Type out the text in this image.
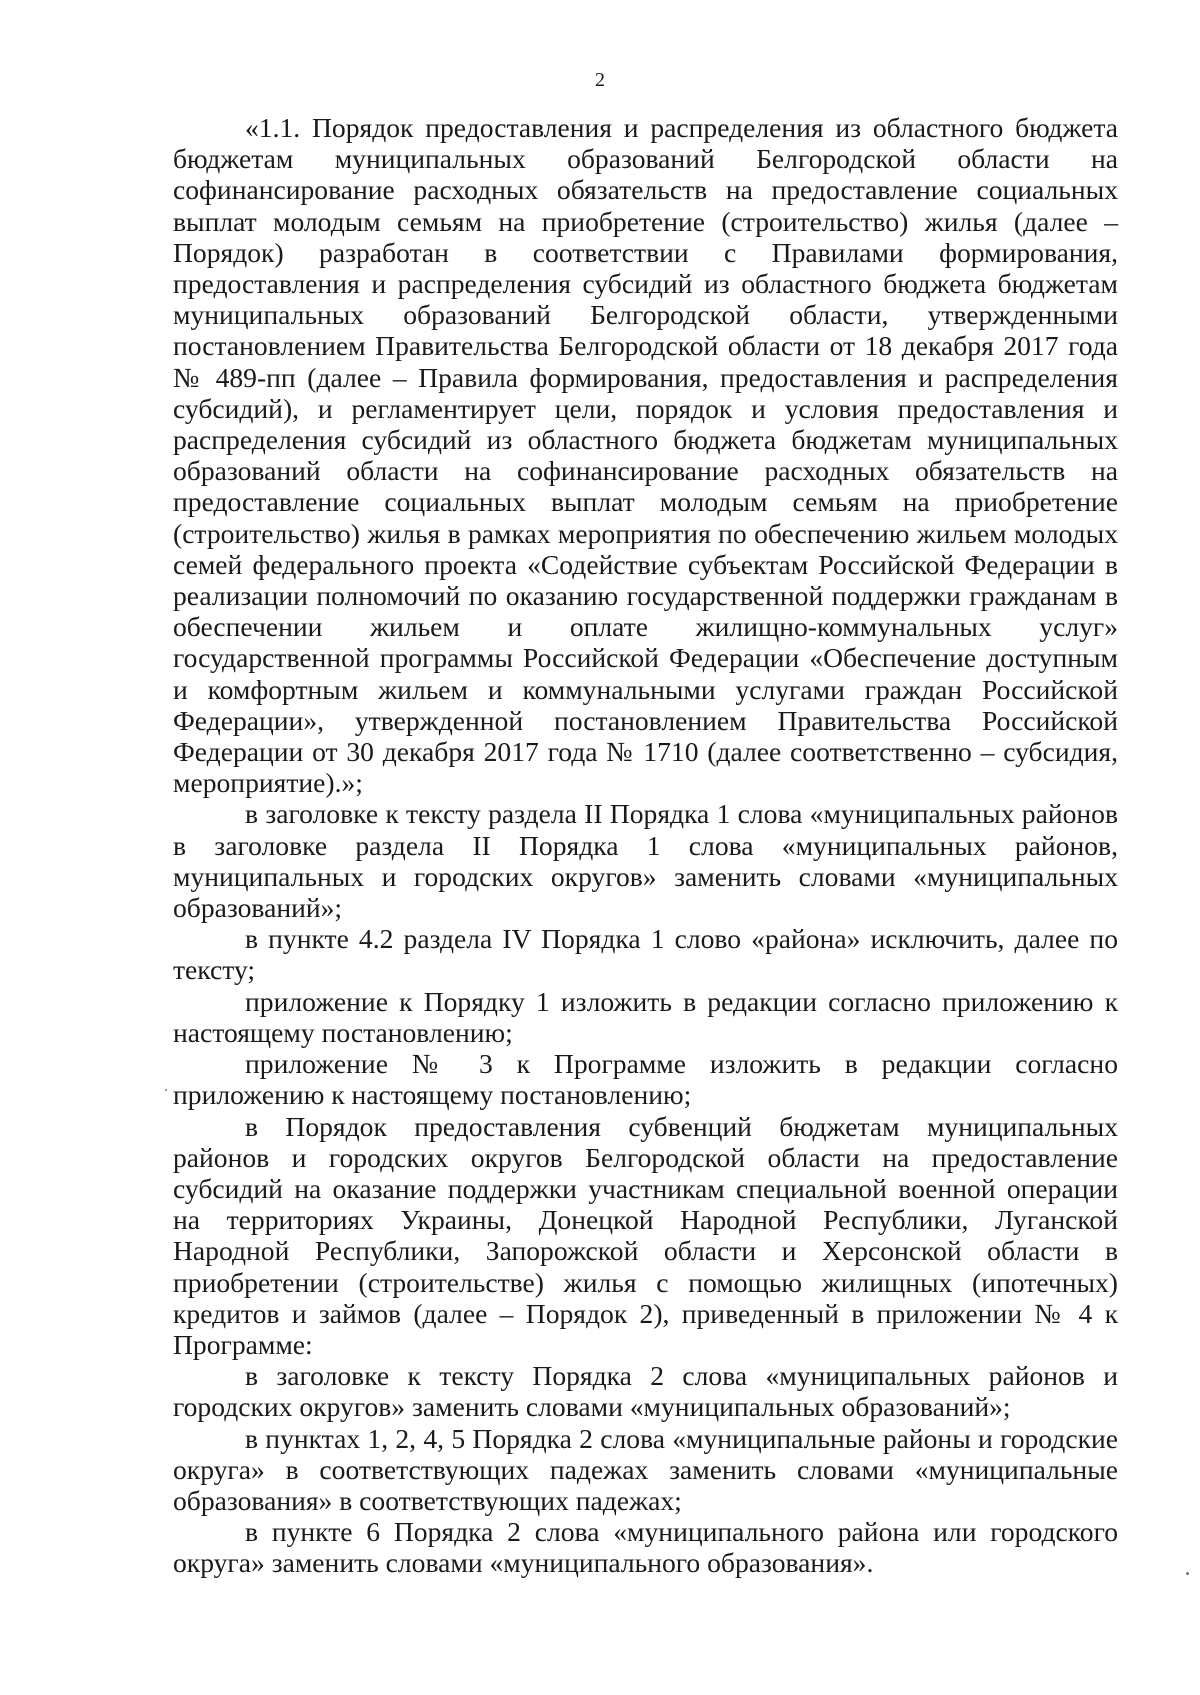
2

«1.1. Порядок предоставления и распределения из областного бюджета бюджетам муниципальных образований Белгородской области на софинансирование расходных обязательств на предоставление социальных выплат молодым семьям на приобретение (строительство) жилья (далее – Порядок) разработан в соответствии с Правилами формирования, предоставления и распределения субсидий из областного бюджета бюджетам муниципальных образований Белгородской области, утвержденными постановлением Правительства Белгородской области от 18 декабря 2017 года № 489-пп (далее – Правила формирования, предоставления и распределения субсидий), и регламентирует цели, порядок и условия предоставления и распределения субсидий из областного бюджета бюджетам муниципальных образований области на софинансирование расходных обязательств на предоставление социальных выплат молодым семьям на приобретение (строительство) жилья в рамках мероприятия по обеспечению жильем молодых семей федерального проекта «Содействие субъектам Российской Федерации в реализации полномочий по оказанию государственной поддержки гражданам в обеспечении жильем и оплате жилищно-коммунальных услуг» государственной программы Российской Федерации «Обеспечение доступным и комфортным жильем и коммунальными услугами граждан Российской Федерации», утвержденной постановлением Правительства Российской Федерации от 30 декабря 2017 года № 1710 (далее соответственно – субсидия, мероприятие).»;

в заголовке к тексту раздела II Порядка 1 слова «муниципальных районов в заголовке раздела II Порядка 1 слова «муниципальных районов, муниципальных и городских округов» заменить словами «муниципальных образований»;

в пункте 4.2 раздела IV Порядка 1 слово «района» исключить, далее по тексту;

приложение к Порядку 1 изложить в редакции согласно приложению к настоящему постановлению;

приложение № 3 к Программе изложить в редакции согласно приложению к настоящему постановлению;

в Порядок предоставления субвенций бюджетам муниципальных районов и городских округов Белгородской области на предоставление субсидий на оказание поддержки участникам специальной военной операции на территориях Украины, Донецкой Народной Республики, Луганской Народной Республики, Запорожской области и Херсонской области в приобретении (строительстве) жилья с помощью жилищных (ипотечных) кредитов и займов (далее – Порядок 2), приведенный в приложении № 4 к Программе:

в заголовке к тексту Порядка 2 слова «муниципальных районов и городских округов» заменить словами «муниципальных образований»;

в пунктах 1, 2, 4, 5 Порядка 2 слова «муниципальные районы и городские округа» в соответствующих падежах заменить словами «муниципальные образования» в соответствующих падежах;

в пункте 6 Порядка 2 слова «муниципального района или городского округа» заменить словами «муниципального образования».
